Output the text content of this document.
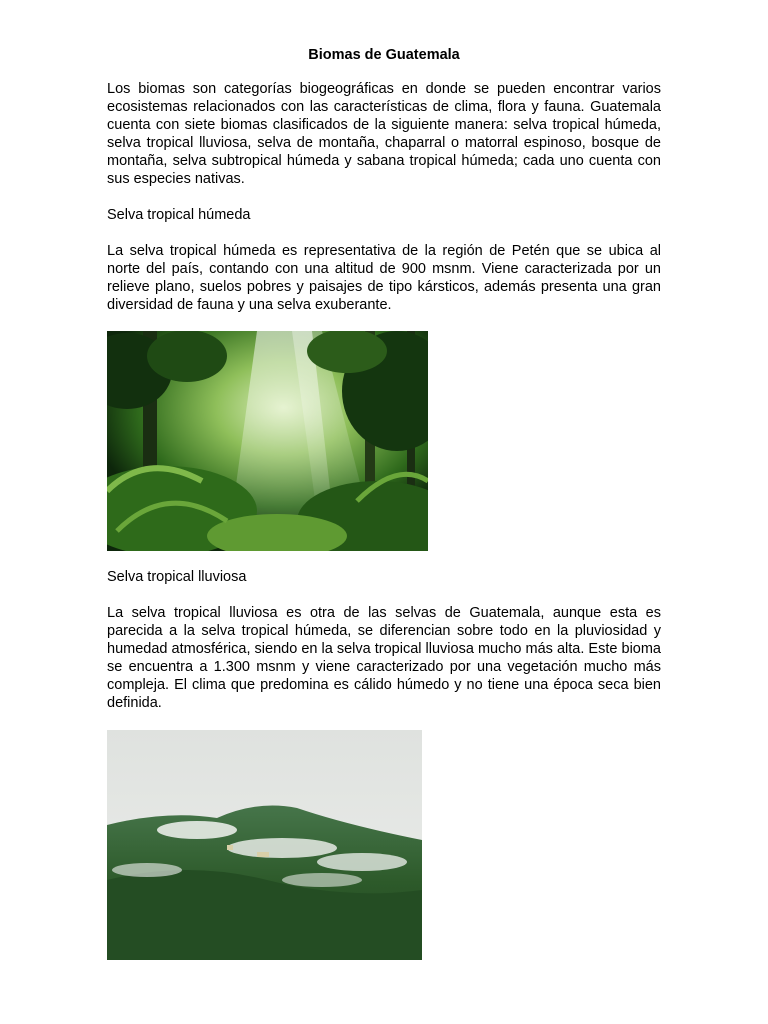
Biomas de Guatemala
Los biomas son categorías biogeográficas en donde se pueden encontrar varios ecosistemas relacionados con las características de clima, flora y fauna. Guatemala cuenta con siete biomas clasificados de la siguiente manera: selva tropical húmeda, selva tropical lluviosa, selva de montaña, chaparral o matorral espinoso, bosque de montaña, selva subtropical húmeda y sabana tropical húmeda; cada uno cuenta con sus especies nativas.
Selva tropical húmeda
La selva tropical húmeda es representativa de la región de Petén que se ubica al norte del país, contando con una altitud de 900 msnm. Viene caracterizada por un relieve plano, suelos pobres y paisajes de tipo kársticos, además presenta una gran diversidad de fauna y una selva exuberante.
Selva tropical lluviosa
La selva tropical lluviosa es otra de las selvas de Guatemala, aunque esta es parecida a la selva tropical húmeda, se diferencian sobre todo en la pluviosidad y humedad atmosférica, siendo en la selva tropical lluviosa mucho más alta. Este bioma se encuentra a 1.300 msnm y viene caracterizado por una vegetación mucho más compleja. El clima que predomina es cálido húmedo y no tiene una época seca bien definida.
